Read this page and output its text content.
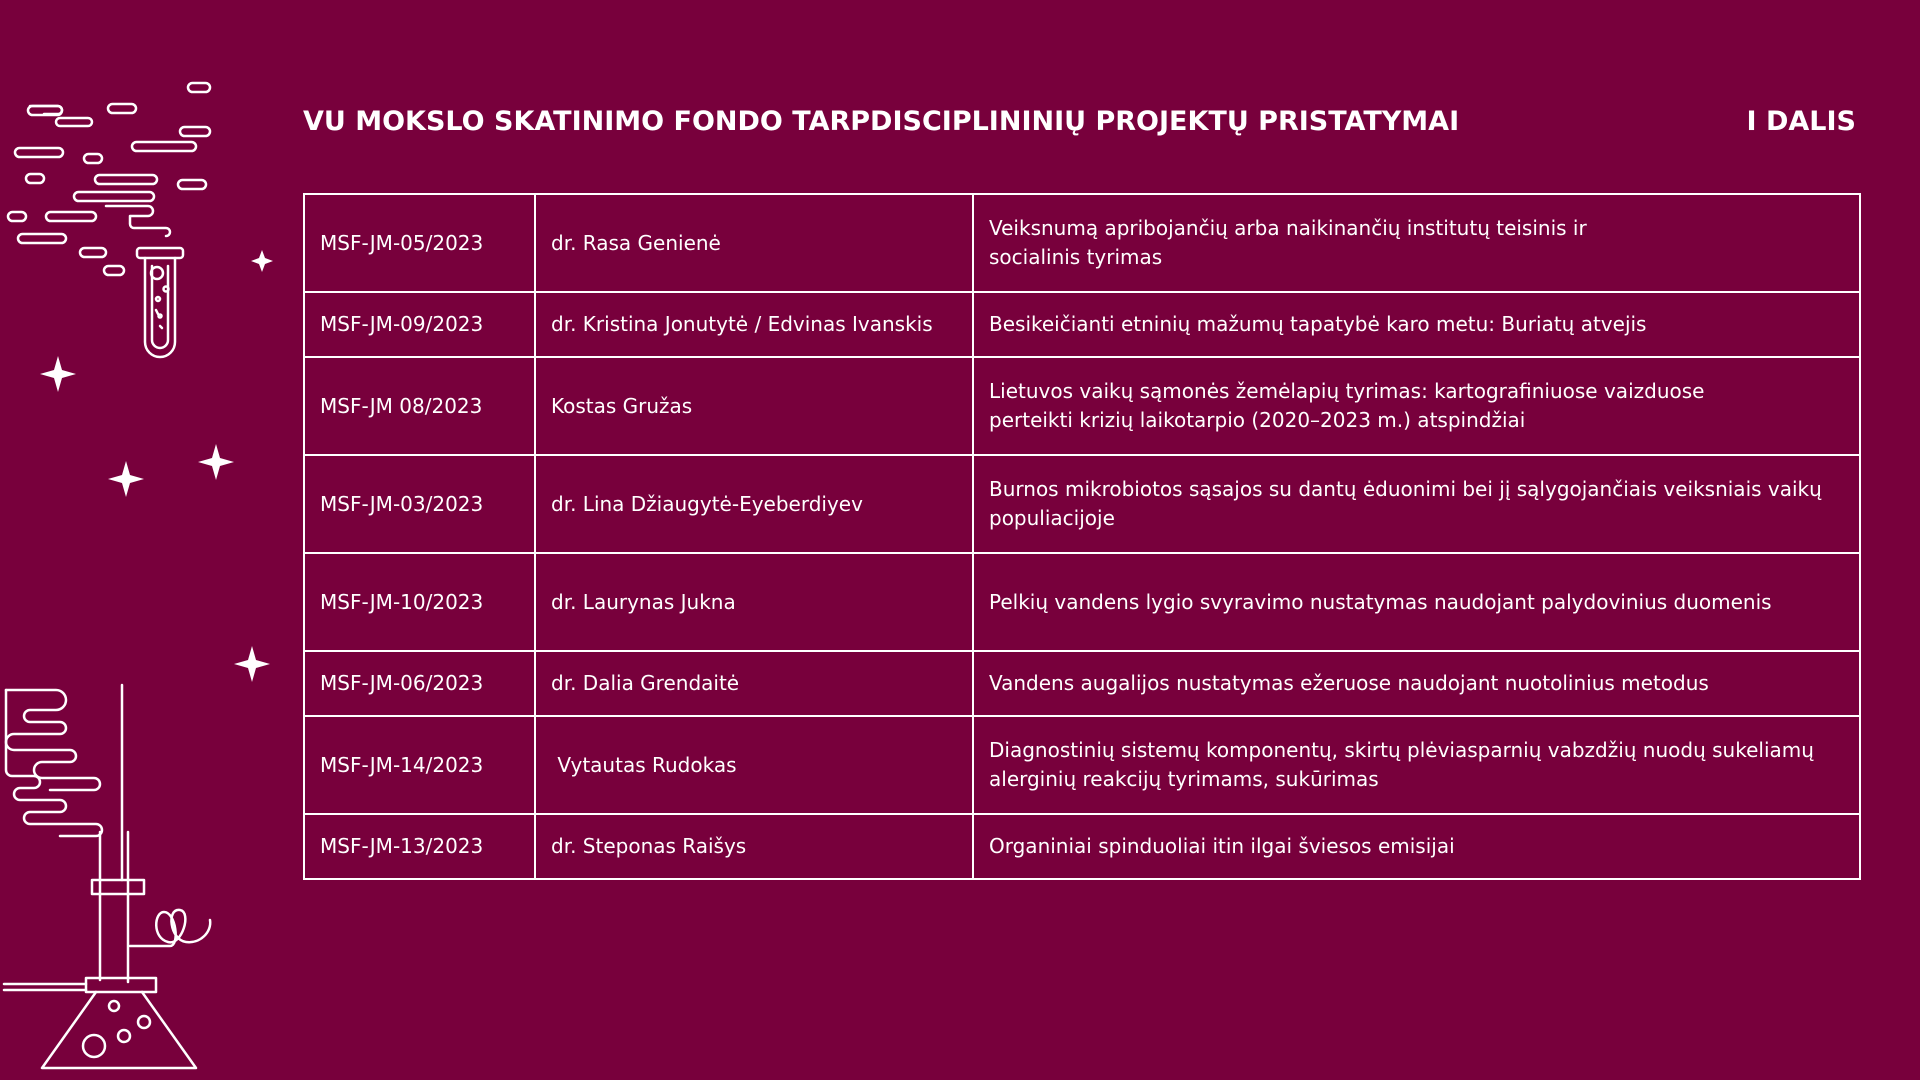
VU MOKSLO SKATINIMO FONDO TARPDISCIPLININIŲ PROJEKTŲ PRISTATYMAI	I DALIS
MSF-JM-05/2023	dr. Rasa Genienė	Veiksnumą apribojančių arba naikinančių institutų teisinis ir
socialinis tyrimas

MSF-JM-09/2023	dr. Kristina Jonutytė / Edvinas Ivanskis	Besikeičianti etninių mažumų tapatybė karo metu: Buriatų atvejis

MSF-JM 08/2023	Kostas Gružas	Lietuvos vaikų sąmonės žemėlapių tyrimas: kartografiniuose vaizduose
perteikti krizių laikotarpio (2020–2023 m.) atspindžiai

MSF-JM-03/2023	dr. Lina Džiaugytė-Eyeberdiyev	Burnos mikrobiotos sąsajos su dantų ėduonimi bei jį sąlygojančiais veiksniais vaikų
populiacijoje

MSF-JM-10/2023	dr. Laurynas Jukna	Pelkių vandens lygio svyravimo nustatymas naudojant palydovinius duomenis

MSF-JM-06/2023	dr. Dalia Grendaitė	Vandens augalijos nustatymas ežeruose naudojant nuotolinius metodus

MSF-JM-14/2023	Vytautas Rudokas	Diagnostinių sistemų komponentų, skirtų plėviasparnių vabzdžių nuodų sukeliamų
alerginių reakcijų tyrimams, sukūrimas

MSF-JM-13/2023	dr. Steponas Raišys	Organiniai spinduoliai itin ilgai šviesos emisijai
